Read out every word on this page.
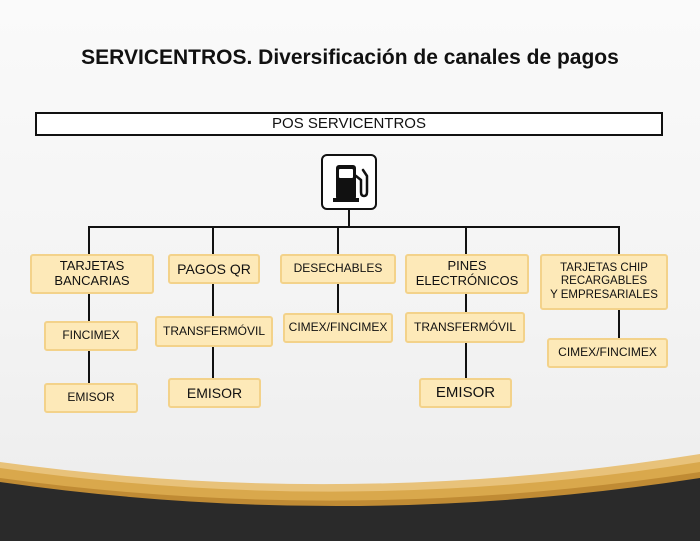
SERVICENTROS. Diversificación de canales de pagos
POS SERVICENTROS
TARJETAS
BANCARIAS
PAGOS QR	DESECHABLES	PINES
ELECTRÓNICOS
TARJETAS CHIP
RECARGABLES
Y EMPRESARIALES
FINCIMEX
EMISOR
TRANSFERMÓVIL
EMISOR
CIMEX/FINCIMEX TRANSFERMÓVIL
EMISOR
CIMEX/FINCIMEX
